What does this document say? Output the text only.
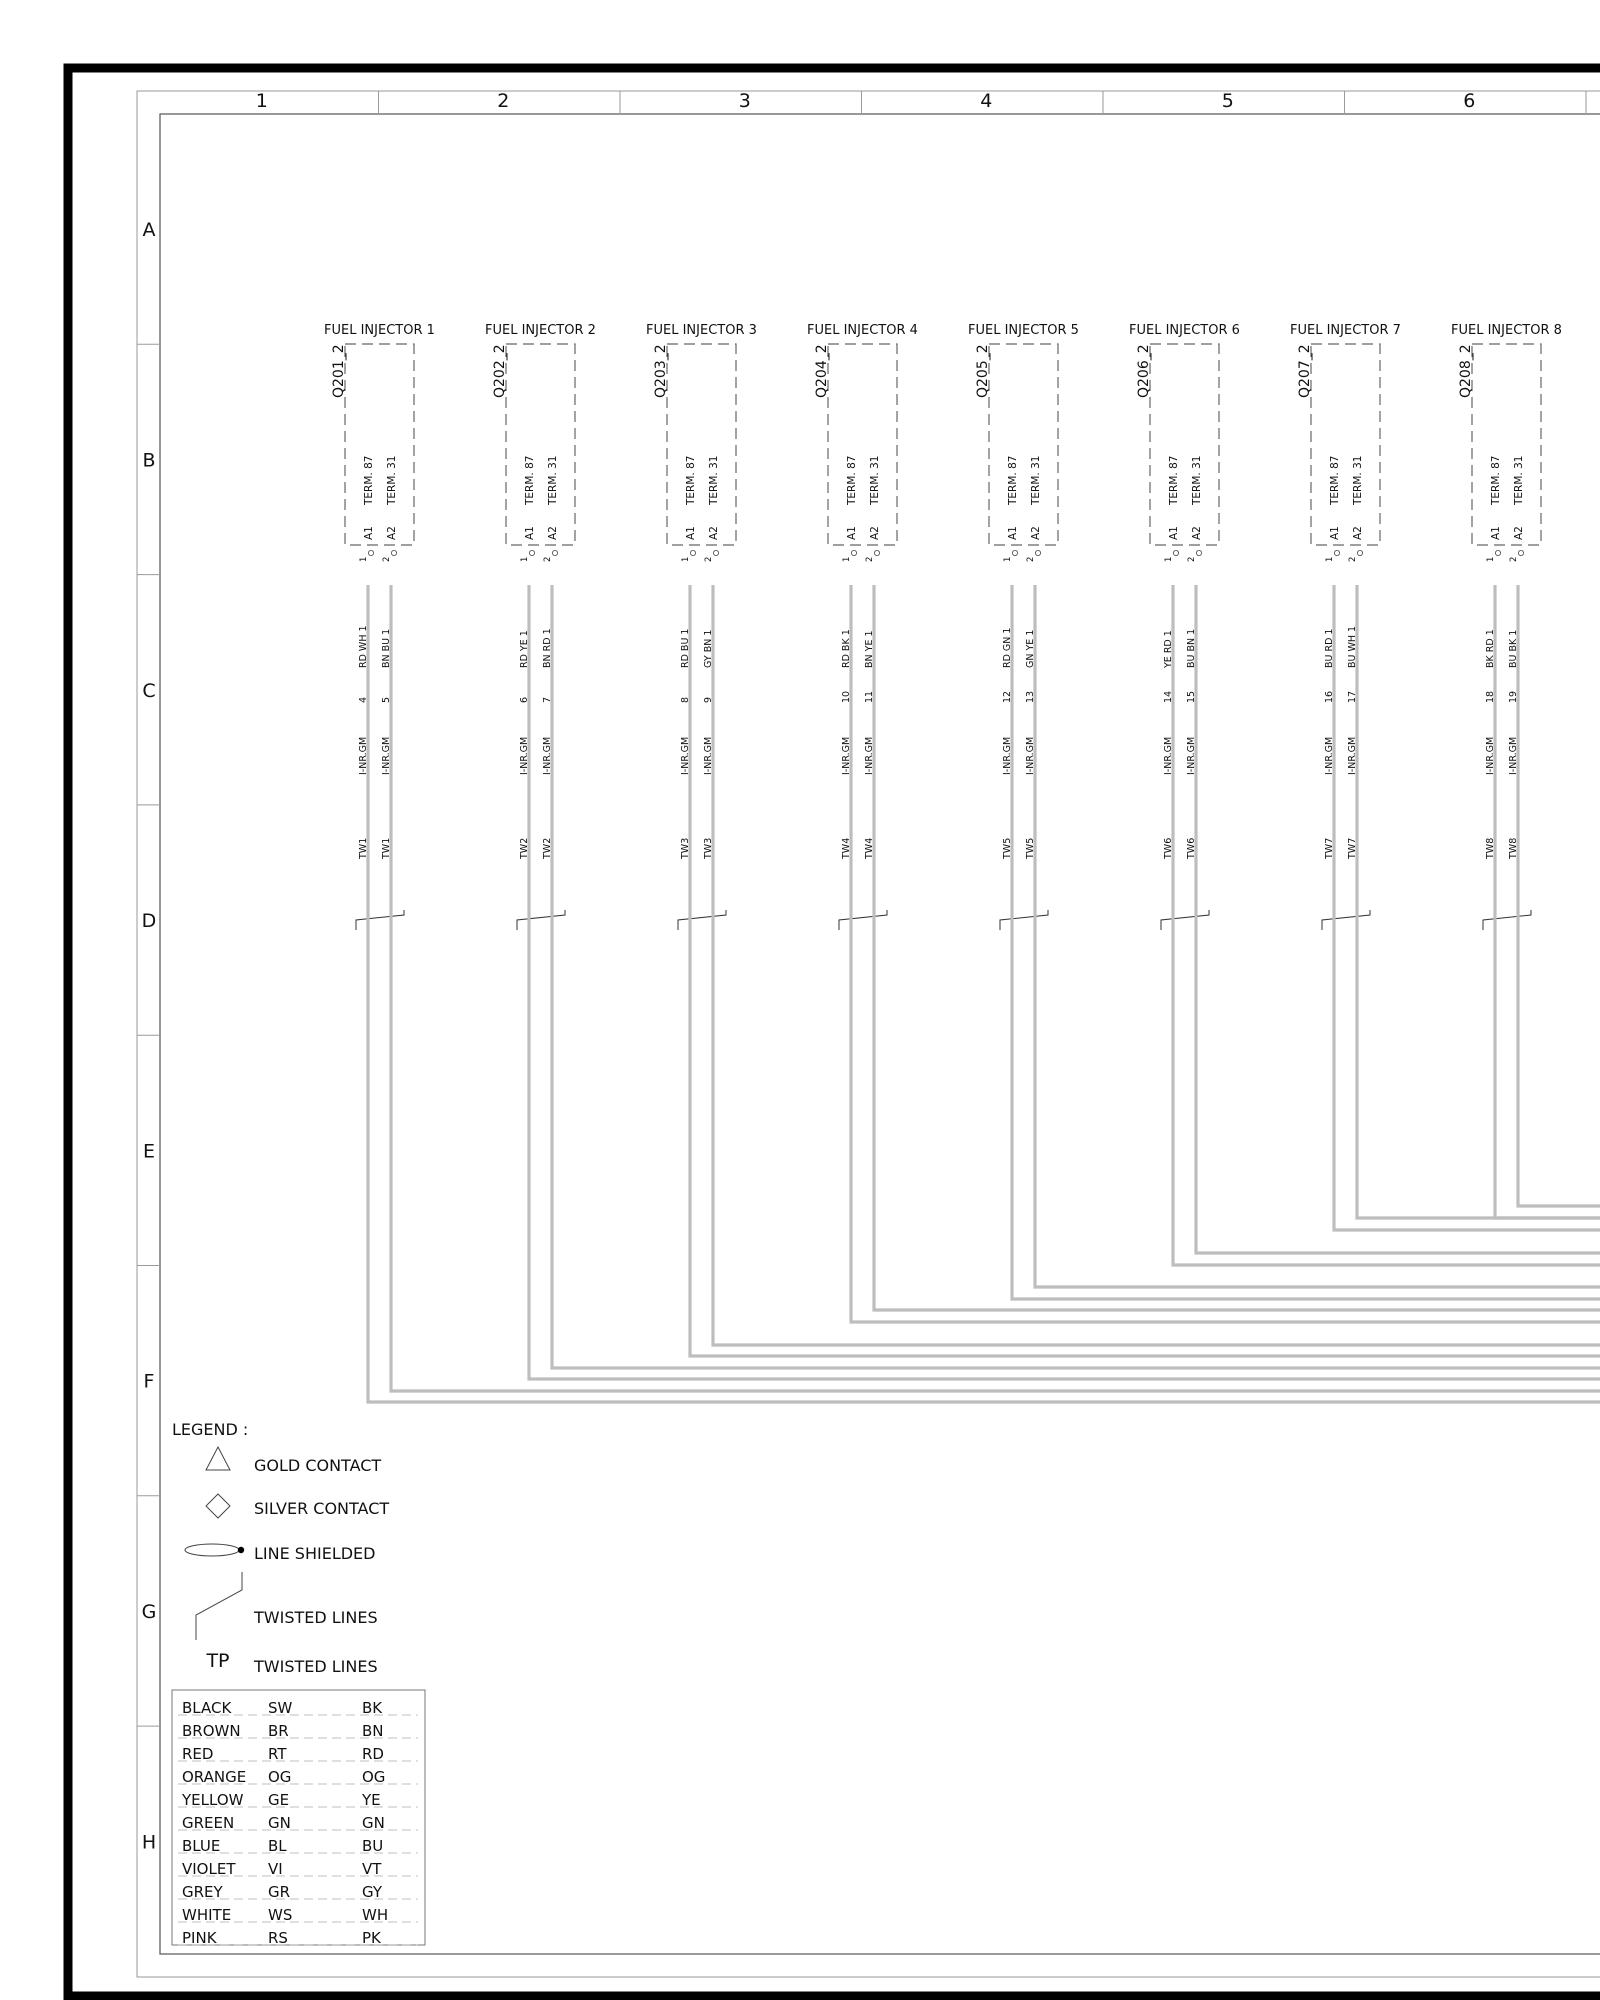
1	2	3	4	5	6
A
B
C
D
E
F
G
H
FUEL INJECTOR 1
Q201_2
TERM. 87 TERM. 31
A1 A2
1 2
RD WH 1
4
I-NR.GM
TW1
BN BU 1
5
I-NR.GM
TW1
FUEL INJECTOR 2
Q202_2
TERM. 87 TERM. 31
A1 A2
1 2
RD YE 1
6
I-NR.GM
TW2
BN RD 1
7
I-NR.GM
TW2
FUEL INJECTOR 3
Q203_2
TERM. 87 TERM. 31
A1 A2
1 2
RD BU 1
8
I-NR.GM
TW3
GY BN 1
9
I-NR.GM
TW3
FUEL INJECTOR 4
Q204_2
TERM. 87 TERM. 31
A1 A2
1 2
RD BK 1
10
I-NR.GM
TW4
BN YE 1
11
I-NR.GM
TW4
FUEL INJECTOR 5
Q205_2
TERM. 87 TERM. 31
A1 A2
1 2
RD GN 1
12
I-NR.GM
TW5
GN YE 1
13
I-NR.GM
TW5
FUEL INJECTOR 6
Q206_2
TERM. 87 TERM. 31
A1 A2
1 2
YE RD 1
14
I-NR.GM
TW6
BU BN 1
15
I-NR.GM
TW6
FUEL INJECTOR 7
Q207_2
TERM. 87 TERM. 31
A1 A2
1 2
BU RD 1
16
I-NR.GM
TW7
BU WH 1
17
I-NR.GM
TW7
FUEL INJECTOR 8
Q208_2
TERM. 87 TERM. 31
A1 A2
1 2
BK RD 1
18
I-NR.GM
TW8
BU BK 1
19
I-NR.GM
TW8
LEGEND :
GOLD CONTACT
SILVER CONTACT
LINE SHIELDED
TWISTED LINES
TP TWISTED LINES
BLACK SW	BK
BROWN BR	BN
RED	RT	RD
ORANGE OG	OG
YELLOW GE	YE
GREEN GN	GN
BLUE	BL	BU
VIOLET VI	VT
GREY	GR	GY
WHITE WS	WH
PINK	RS	PK
